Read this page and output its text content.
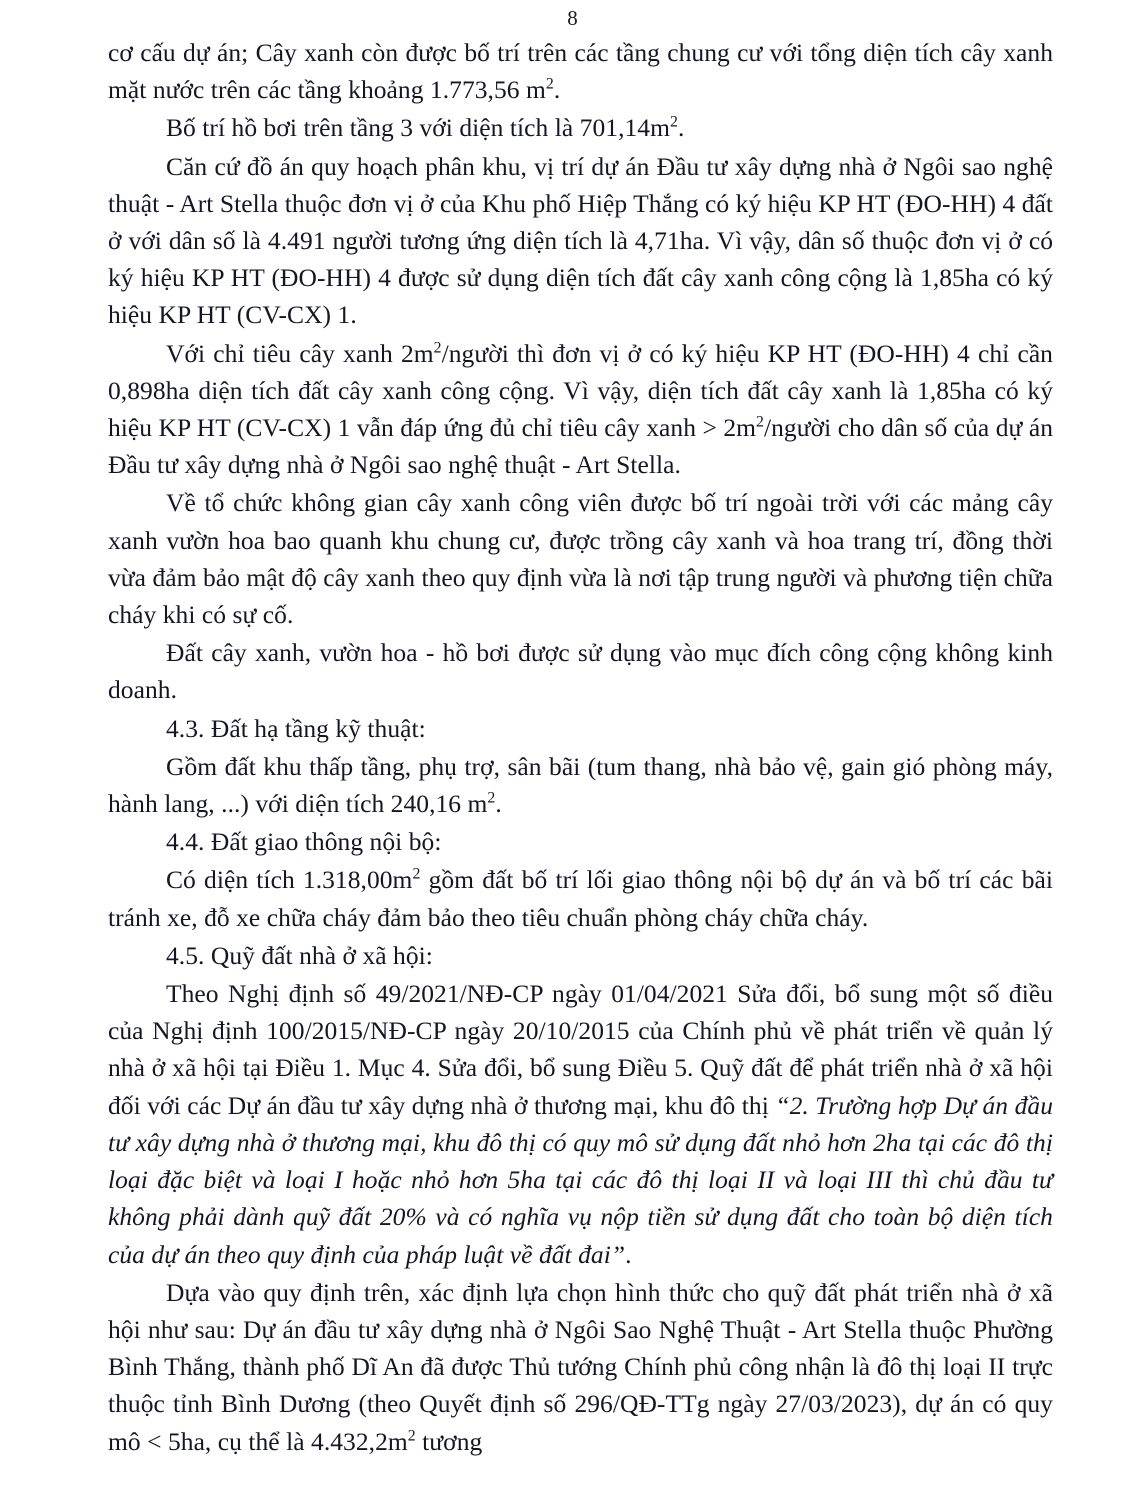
8

cơ cấu dự án; Cây xanh còn được bố trí trên các tầng chung cư với tổng diện tích cây xanh mặt nước trên các tầng khoảng 1.773,56 $m^2$.

Bố trí hồ bơi trên tầng 3 với diện tích là $701,14m^2$.

Căn cứ đồ án quy hoạch phân khu, vị trí dự án Đầu tư xây dựng nhà ở Ngôi sao nghệ thuật - Art Stella thuộc đơn vị ở của Khu phố Hiệp Thắng có ký hiệu KP HT (ĐO-HH) 4 đất ở với dân số là 4.491 người tương ứng diện tích là 4,71ha. Vì vậy, dân số thuộc đơn vị ở có ký hiệu KP HT (ĐO-HH) 4 được sử dụng diện tích đất cây xanh công cộng là 1,85ha có ký hiệu KP HT (CV-CX) 1.

Với chỉ tiêu cây xanh $2m^2$/người thì đơn vị ở có ký hiệu KP HT (ĐO-HH) 4 chỉ cần 0,898ha diện tích đất cây xanh công cộng. Vì vậy, diện tích đất cây xanh là 1,85ha có ký hiệu KP HT (CV-CX) 1 vẫn đáp ứng đủ chỉ tiêu cây xanh > $2m^2$/người cho dân số của dự án Đầu tư xây dựng nhà ở Ngôi sao nghệ thuật - Art Stella.

Về tổ chức không gian cây xanh công viên được bố trí ngoài trời với các mảng cây xanh vườn hoa bao quanh khu chung cư, được trồng cây xanh và hoa trang trí, đồng thời vừa đảm bảo mật độ cây xanh theo quy định vừa là nơi tập trung người và phương tiện chữa cháy khi có sự cố.

Đất cây xanh, vườn hoa - hồ bơi được sử dụng vào mục đích công cộng không kinh doanh.

4.3. Đất hạ tầng kỹ thuật:

Gồm đất khu thấp tầng, phụ trợ, sân bãi (tum thang, nhà bảo vệ, gain gió phòng máy, hành lang, ...) với diện tích 240,16 $m^2$.

4.4. Đất giao thông nội bộ:

Có diện tích $1.318,00m^2$ gồm đất bố trí lối giao thông nội bộ dự án và bố trí các bãi tránh xe, đỗ xe chữa cháy đảm bảo theo tiêu chuẩn phòng cháy chữa cháy.

4.5. Quỹ đất nhà ở xã hội:

Theo Nghị định số 49/2021/NĐ-CP ngày 01/04/2021 Sửa đổi, bổ sung một số điều của Nghị định 100/2015/NĐ-CP ngày 20/10/2015 của Chính phủ về phát triển về quản lý nhà ở xã hội tại Điều 1. Mục 4. Sửa đổi, bổ sung Điều 5. Quỹ đất để phát triển nhà ở xã hội đối với các Dự án đầu tư xây dựng nhà ở thương mại, khu đô thị “2. Trường hợp Dự án đầu tư xây dựng nhà ở thương mại, khu đô thị có quy mô sử dụng đất nhỏ hơn 2ha tại các đô thị loại đặc biệt và loại I hoặc nhỏ hơn 5ha tại các đô thị loại II và loại III thì chủ đầu tư không phải dành quỹ đất 20% và có nghĩa vụ nộp tiền sử dụng đất cho toàn bộ diện tích của dự án theo quy định của pháp luật về đất đai”.

Dựa vào quy định trên, xác định lựa chọn hình thức cho quỹ đất phát triển nhà ở xã hội như sau: Dự án đầu tư xây dựng nhà ở Ngôi Sao Nghệ Thuật - Art Stella thuộc Phường Bình Thắng, thành phố Dĩ An đã được Thủ tướng Chính phủ công nhận là đô thị loại II trực thuộc tỉnh Bình Dương (theo Quyết định số 296/QĐ-TTg ngày 27/03/2023), dự án có quy mô < 5ha, cụ thể là $4.432,2m^2$ tương
